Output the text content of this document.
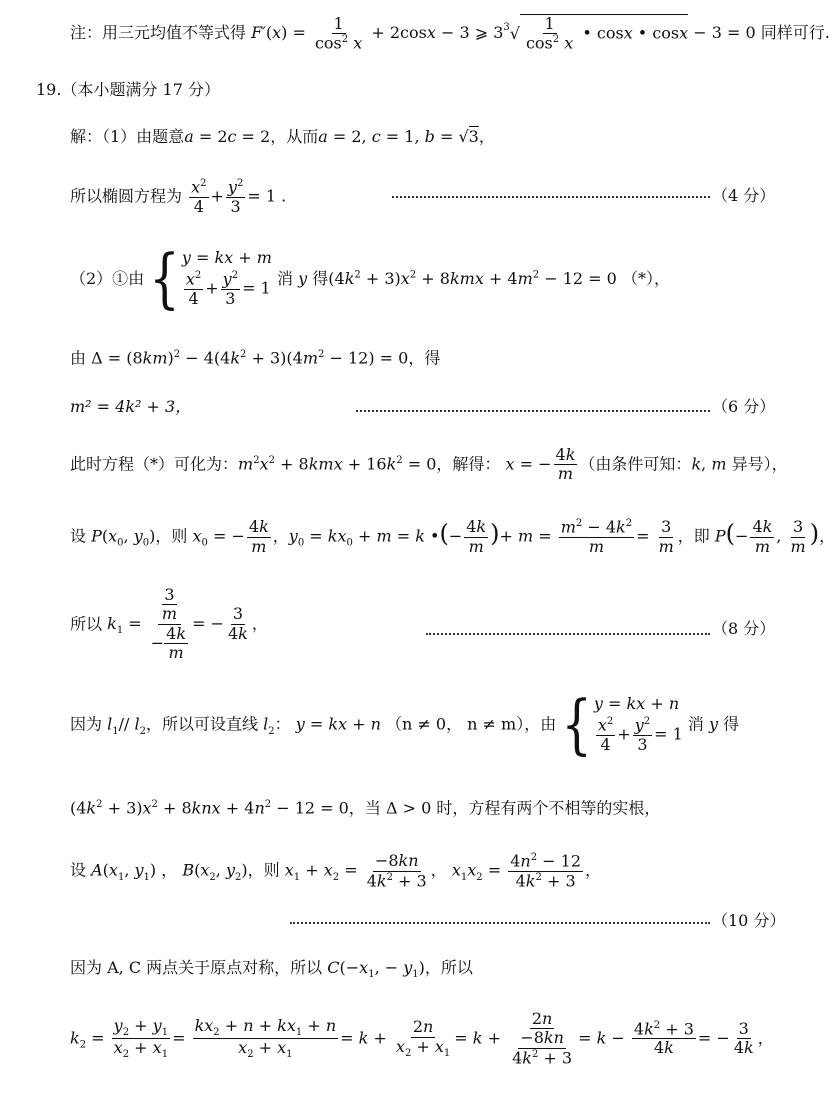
注：用三元均值不等式得 $F'(x) = \frac{1}{\cos^2 x} + 2\cos x - 3$ ⩾ $3^3√ \frac{1}{\cos^2 x}$ • cosx • cosx − 3 = 0 同样可行.
19.（本小题满分 17 分）
解：（1）由题意a = 2c = 2，从而a = 2, c = 1, b = √3，
所以椭圆方程为 $\frac{x^2}{4} + \frac{y^2}{3} = 1$ .	（4 分）
（2）①由 { y = kx + m
$\frac{x^2}{4} + \frac{y^2}{3} = 1$ 消 y 得$(4k^2 + 3)x^2 + 8kmx + 4m^2 - 12 = 0$ （*），
由 $\Delta = (8km)^2 - 4(4k^2 + 3)(4m^2 - 12) = 0$，得
m² = 4k² + 3，	（6 分）
此时方程（*）可化为：$m^2x^2 + 8kmx + 16k^2 = 0$，解得： x = − $\frac{4k}{m}$ （由条件可知：k, m 异号），
设 $P(x_0$, $y_0$)，则 $x_0$ = − $\frac{4k}{m}$ ，$y_0 = kx_0 + m = k$ •(− $\frac{4k}{m}$ )+ $m = \frac{m^2 - 4k^2}{m} = \frac{3}{m}$ ，即 $P(- \frac{4k}{m}$ , $\frac{3}{m}$ )，
所以 $k_1 = \frac{\frac{3}{m}}{- \frac{4k}{m}}$ = − $\frac{3}{4k}$ ，	（8 分）
因为 $l_1//$ $l_2$，所以可设直线 $l_2$： y = kx + n （n ≠ 0， n ≠ m），由 { y = kx + n
$\frac{x^2}{4} + \frac{y^2}{3} = 1$
消 y 得
$(4k^2 + 3)x^2 + 8knx + 4n^2 - 12 = 0$，当 Δ > 0 时，方程有两个不相等的实根，
设 $A(x_1$, $y_1$) ， $B(x_2$, $y_2$)，则 $x_1 + x_2 = \frac{-8kn}{4k^2 + 3}$ ， $x_1x_2 = \frac{4n^2 - 12}{4k^2 + 3}$ ，
（10 分）
因为 A, C 两点关于原点对称，所以 $C(-x_1$, − $y_1$)，所以
$k_2 = \frac{y_2 + y_1}{x_2 + x_1} = \frac{kx_2 + n + kx_1 + n}{x_2 + x_1} = k + \frac{2n}{x_2 + x_1} = k + \frac{2n}{\frac{-8kn}{4k^2 + 3}} = k - \frac{4k^2 + 3}{4k}$ = − $\frac{3}{4k}$ ，
